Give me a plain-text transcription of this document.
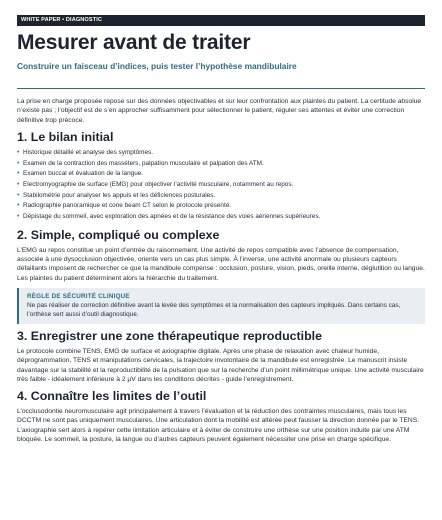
WHITE PAPER • DIAGNOSTIC
Mesurer avant de traiter
Construire un faisceau d’indices, puis tester l’hypothèse mandibulaire

La prise en charge proposée repose sur des données objectivables et sur leur confrontation aux plaintes du patient. La certitude absolue n’existe pas ; l’objectif est de s’en approcher suffisamment pour sélectionner le patient, réguler ses attentes et éviter une correction définitive trop précoce.

1. Le bilan initial
• Historique détaillé et analyse des symptômes.
• Examen de la contraction des masséters, palpation musculaire et palpation des ATM.
• Examen buccal et évaluation de la langue.
• Electromyographie de surface (EMG) pour objectiver l’activité musculaire, notamment au repos.
• Stabilométrie pour analyser les appuis et les déficiences posturales.
• Radiographie panoramique et cone beam CT selon le protocole présenté.
• Dépistage du sommeil, avec exploration des apnées et de la résistance des voies aériennes supérieures.
2. Simple, compliqué ou complexe

L’EMG au repos constitue un point d’entrée du raisonnement. Une activité de repos compatible avec l’absence de compensation, associée à une dysocclusion objectivée, oriente vers un cas plus simple. À l’inverse, une activité anormale ou plusieurs capteurs défaillants imposent de rechercher ce que la mandibule compense : occlusion, posture, vision, pieds, oreille interne, déglutition ou langue. Les plaintes du patient déterminent alors la hiérarchie du traitement.

RÈGLE DE SÉCURITÉ CLINIQUE

Ne pas réaliser de correction définitive avant la levée des symptômes et la normalisation des capteurs impliqués. Dans certains cas, l’orthèse sert aussi d’outil diagnostique.

3. Enregistrer une zone thérapeutique reproductible

Le protocole combine TENS, EMG de surface et axiographie digitale. Après une phase de relaxation avec chaleur humide, déprogrammation, TENS et manipulations cervicales, la trajectoire involontaire de la mandibule est enregistrée. Le manuscrit insiste davantage sur la stabilité et la reproductibilité de la pulsation que sur la recherche d’un point millimétrique unique. Une activité musculaire très faible - idéalement inférieure à 2 µV dans les conditions décrites - guide l’enregistrement.

4. Connaître les limites de l’outil

L’occlusodontie neuromusculaire agit principalement à travers l’évaluation et la réduction des contraintes musculaires, mais tous les DCCTM ne sont pas uniquement musculaires. Une articulation dont la mobilité est altérée peut fausser la direction donnée par le TENS. L’axiographie sert alors à repérer cette limitation articulaire et à éviter de construire une orthèse sur une position induite par une ATM bloquée. Le sommeil, la posture, la langue ou d’autres capteurs peuvent également nécessiter une prise en charge spécifique.
